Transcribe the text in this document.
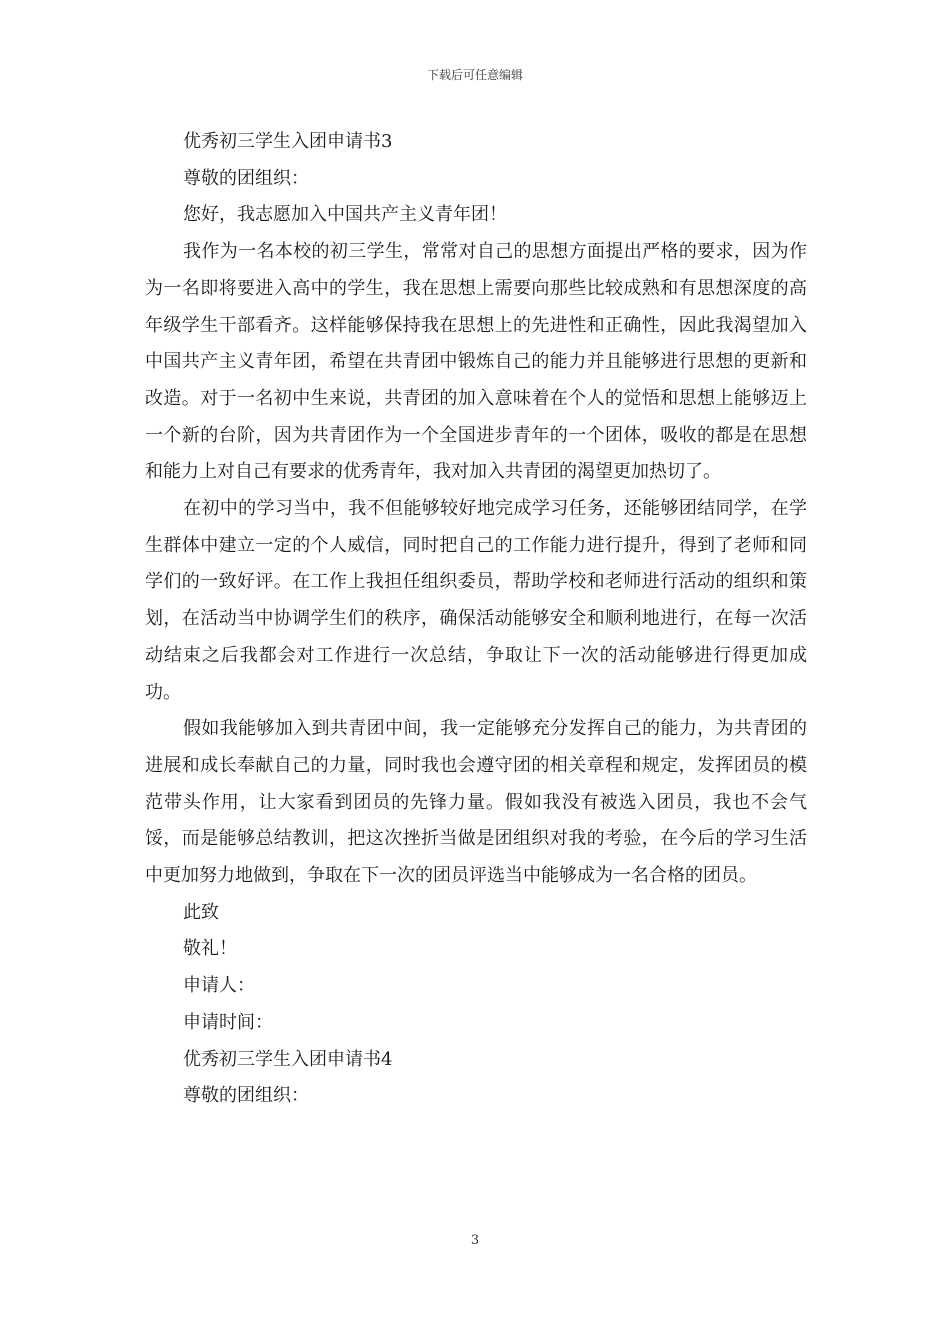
下载后可任意编辑

优秀初三学生入团申请书3

尊敬的团组织：

您好，我志愿加入中国共产主义青年团！

我作为一名本校的初三学生，常常对自己的思想方面提出严格的要求，因为作为一名即将要进入高中的学生，我在思想上需要向那些比较成熟和有思想深度的高年级学生干部看齐。这样能够保持我在思想上的先进性和正确性，因此我渴望加入中国共产主义青年团，希望在共青团中锻炼自己的能力并且能够进行思想的更新和改造。对于一名初中生来说，共青团的加入意味着在个人的觉悟和思想上能够迈上一个新的台阶，因为共青团作为一个全国进步青年的一个团体，吸收的都是在思想和能力上对自己有要求的优秀青年，我对加入共青团的渴望更加热切了。

在初中的学习当中，我不但能够较好地完成学习任务，还能够团结同学，在学生群体中建立一定的个人威信，同时把自己的工作能力进行提升，得到了老师和同学们的一致好评。在工作上我担任组织委员，帮助学校和老师进行活动的组织和策划，在活动当中协调学生们的秩序，确保活动能够安全和顺利地进行，在每一次活动结束之后我都会对工作进行一次总结，争取让下一次的活动能够进行得更加成功。

假如我能够加入到共青团中间，我一定能够充分发挥自己的能力，为共青团的进展和成长奉献自己的力量，同时我也会遵守团的相关章程和规定，发挥团员的模范带头作用，让大家看到团员的先锋力量。假如我没有被选入团员，我也不会气馁，而是能够总结教训，把这次挫折当做是团组织对我的考验，在今后的学习生活中更加努力地做到，争取在下一次的团员评选当中能够成为一名合格的团员。

此致

敬礼！

申请人：

申请时间：

优秀初三学生入团申请书4

尊敬的团组织：

3
